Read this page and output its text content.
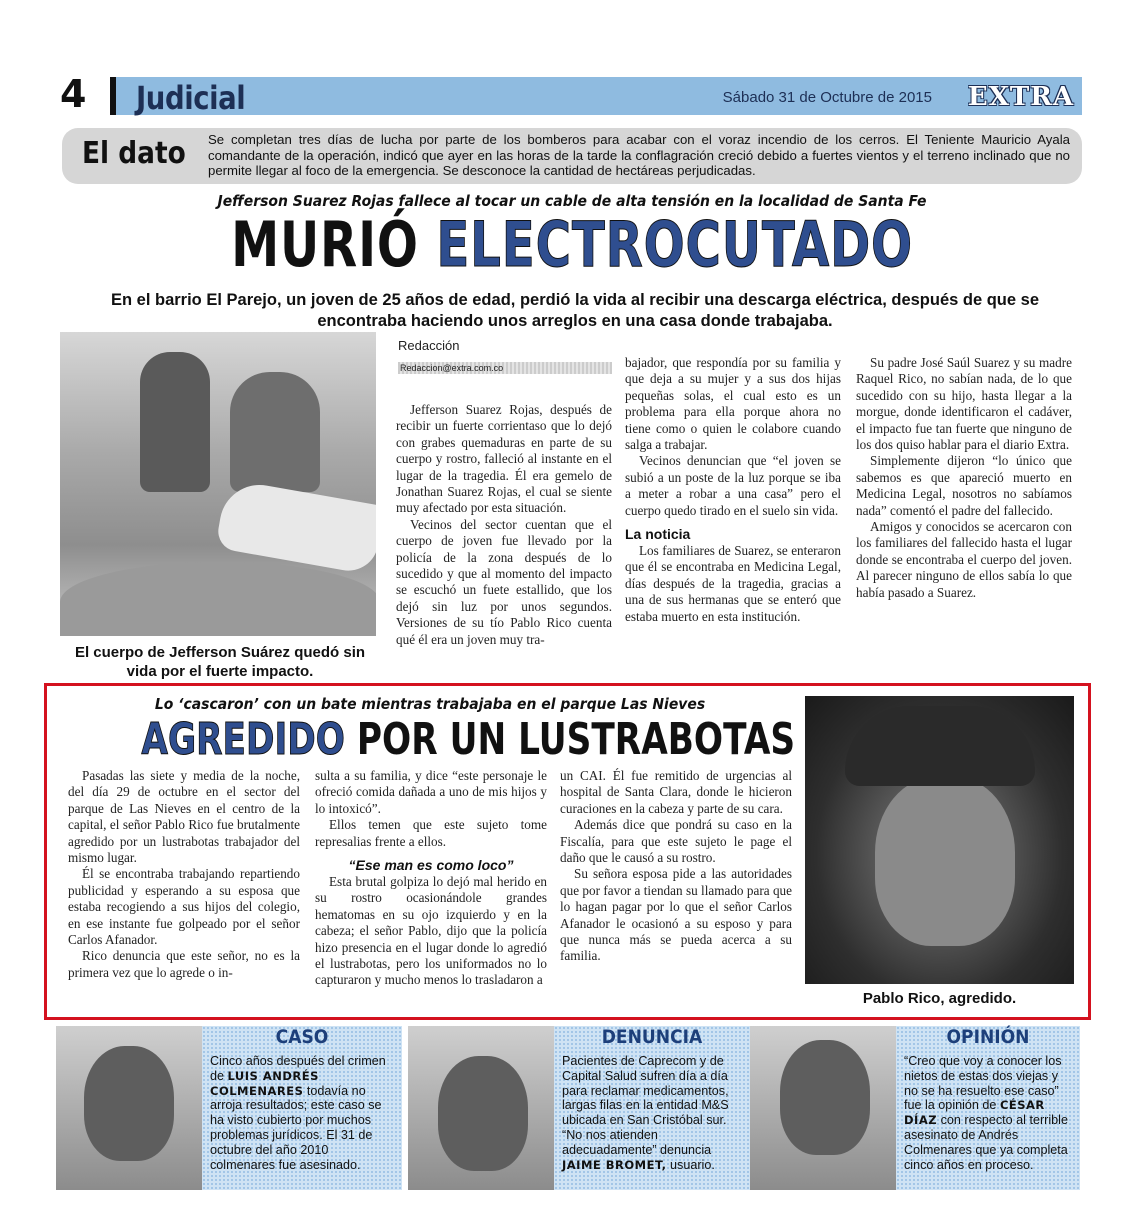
4 Judicial	Sábado 31 de Octubre de 2015 EXTRA
El dato Se completan tres días de lucha por parte de los bomberos para acabar con el voraz incendio de los cerros. El Teniente Mauricio Ayala comandante de la operación, indicó que ayer en las horas de la tarde la conflagración creció debido a fuertes vientos y el terreno inclinado que no permite llegar al foco de la emergencia. Se desconoce la cantidad de hectáreas perjudicadas.
Jefferson Suarez Rojas fallece al tocar un cable de alta tensión en la localidad de Santa Fe
MURIÓ ELECTROCUTADO
En el barrio El Parejo, un joven de 25 años de edad, perdió la vida al recibir una descarga eléctrica, después de que se encontraba haciendo unos arreglos en una casa donde trabajaba.
El cuerpo de Jefferson Suárez quedó sin vida por el fuerte impacto.
Redacción
Redaccion@extra.com.co

Jefferson Suarez Rojas, después de recibir un fuerte corrientaso que lo dejó con grabes quemaduras en parte de su cuerpo y rostro, falleció al instante en el lugar de la tragedia. Él era gemelo de Jonathan Suarez Rojas, el cual se siente muy afectado por esta situación.

Vecinos del sector cuentan que el cuerpo de joven fue llevado por la policía de la zona después de lo sucedido y que al momento del impacto se escuchó un fuete estallido, que los dejó sin luz por unos segundos. Versiones de su tío Pablo Rico cuenta qué él era un joven muy tra-

bajador, que respondía por su familia y que deja a su mujer y a sus dos hijas pequeñas solas, el cual esto es un problema para ella porque ahora no tiene como o quien le colabore cuando salga a trabajar.

Vecinos denuncian que “el joven se subió a un poste de la luz porque se iba a meter a robar a una casa” pero el cuerpo quedo tirado en el suelo sin vida.

La noticia

Los familiares de Suarez, se enteraron que él se encontraba en Medicina Legal, días después de la tragedia, gracias a una de sus hermanas que se enteró que estaba muerto en esta institución.

Su padre José Saúl Suarez y su madre Raquel Rico, no sabían nada, de lo que sucedido con su hijo, hasta llegar a la morgue, donde identificaron el cadáver, el impacto fue tan fuerte que ninguno de los dos quiso hablar para el diario Extra.

Simplemente dijeron “lo único que sabemos es que apareció muerto en Medicina Legal, nosotros no sabíamos nada” comentó el padre del fallecido.

Amigos y conocidos se acercaron con los familiares del fallecido hasta el lugar donde se encontraba el cuerpo del joven. Al parecer ninguno de ellos sabía lo que había pasado a Suarez.

Lo ‘cascaron’ con un bate mientras trabajaba en el parque Las Nieves
AGREDIDO POR UN LUSTRABOTAS

Pasadas las siete y media de la noche, del día 29 de octubre en el sector del parque de Las Nieves en el centro de la capital, el señor Pablo Rico fue brutalmente agredido por un lustrabotas trabajador del mismo lugar.

Él se encontraba trabajando repartiendo publicidad y esperando a su esposa que estaba recogiendo a sus hijos del colegio, en ese instante fue golpeado por el señor Carlos Afanador.

Rico denuncia que este señor, no es la primera vez que lo agrede o in-

sulta a su familia, y dice “este personaje le ofreció comida dañada a uno de mis hijos y lo intoxicó”.

Ellos temen que este sujeto tome represalias frente a ellos.

“Ese man es como loco”

Esta brutal golpiza lo dejó mal herido en su rostro ocasionándole grandes hematomas en su ojo izquierdo y en la cabeza; el señor Pablo, dijo que la policía hizo presencia en el lugar donde lo agredió el lustrabotas, pero los uniformados no lo capturaron y mucho menos lo trasladaron a

un CAI. Él fue remitido de urgencias al hospital de Santa Clara, donde le hicieron curaciones en la cabeza y parte de su cara.

Además dice que pondrá su caso en la Fiscalía, para que este sujeto le page el daño que le causó a su rostro.

Su señora esposa pide a las autoridades que por favor a tiendan su llamado para que lo hagan pagar por lo que el señor Carlos Afanador le ocasionó a su esposo y para que nunca más se pueda acerca a su familia.

Pablo Rico, agredido.
CASO
Cinco años después del crimen de LUIS ANDRÉS COLMENARES todavía no arroja resultados; este caso se ha visto cubierto por muchos problemas jurídicos. El 31 de octubre del año 2010 colmenares fue asesinado.
DENUNCIA
Pacientes de Caprecom y de Capital Salud sufren día a día para reclamar medicamentos, largas filas en la entidad M&S ubicada en San Cristóbal sur. “No nos atienden adecuadamente” denuncia JAIME BROMET, usuario.
OPINIÓN
“Creo que voy a conocer los nietos de estas dos viejas y no se ha resuelto ese caso” fue la opinión de CÉSAR DÍAZ con respecto al terrible asesinato de Andrés Colmenares que ya completa cinco años en proceso.
